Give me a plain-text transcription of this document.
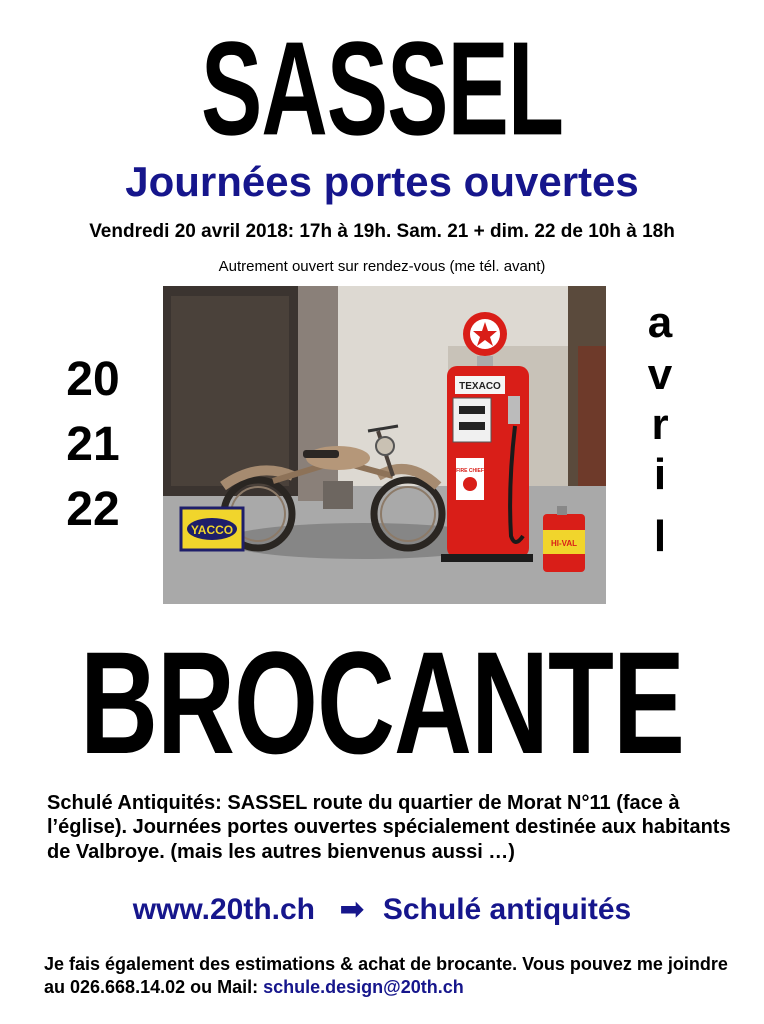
SASSEL
Journées portes ouvertes
Vendredi 20 avril 2018: 17h à 19h. Sam. 21 + dim. 22 de 10h à 18h
Autrement ouvert sur rendez-vous (me tél. avant)
20
21
22
a
v
r
i
l
YACCO
TEXACO
FIRE CHIEF
HI-VAL
BROCANTE
Schulé Antiquités: SASSEL route du quartier de Morat N°11 (face à l’église). Journées portes ouvertes spécialement destinée aux habitants de Valbroye. (mais les autres bienvenus aussi …)
www.20th.ch ➡ Schulé antiquités
Je fais également des estimations & achat de brocante. Vous pouvez me joindre au 026.668.14.02 ou Mail: schule.design@20th.ch
